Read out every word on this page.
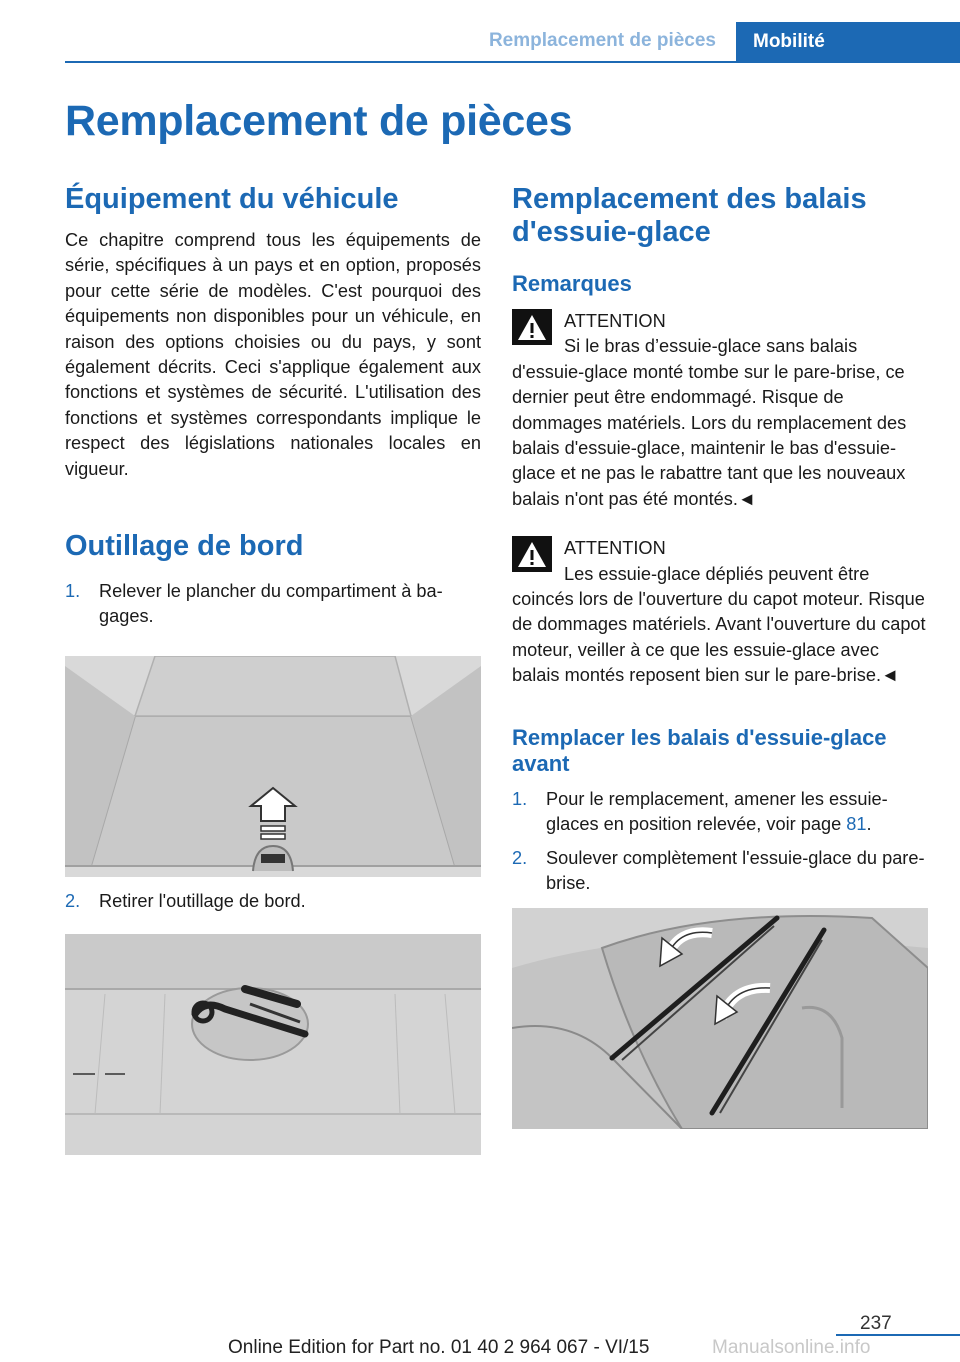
Remplacement de pièces	Mobilité
Remplacement de pièces
Équipement du véhicule

Ce chapitre comprend tous les équipements de série, spécifiques à un pays et en option, proposés pour cette série de modèles. C'est pourquoi des équipements non disponibles pour un véhicule, en raison des options choisies ou du pays, y sont également décrits. Ceci s'applique également aux fonctions et systèmes de sécurité. L'utilisation des fonctions et systèmes correspondants implique le respect des législations nationales locales en vigueur.

Outillage de bord
1. Relever le plancher du compartiment à bagages.
2. Retirer l'outillage de bord.
Remplacement des balais d'essuie-glace
Remarques
ATTENTION

Si le bras d’essuie-glace sans balais d'essuie-glace monté tombe sur le pare-brise, ce dernier peut être endommagé. Risque de dommages matériels. Lors du remplacement des balais d'essuie-glace, maintenir le bas d'essuie-glace et ne pas le rabattre tant que les nouveaux balais n'ont pas été montés.◄

ATTENTION

Les essuie-glace dépliés peuvent être coincés lors de l'ouverture du capot moteur. Risque de dommages matériels. Avant l'ouverture du capot moteur, veiller à ce que les essuie-glace avec balais montés reposent bien sur le pare-brise.◄

Remplacer les balais d'essuie-glace avant
1. Pour le remplacement, amener les essuie-glaces en position relevée, voir page 81.
2. Soulever complètement l'essuie-glace du pare-brise.
237
Online Edition for Part no. 01 40 2 964 067 - VI/15	Manualsonline.info
